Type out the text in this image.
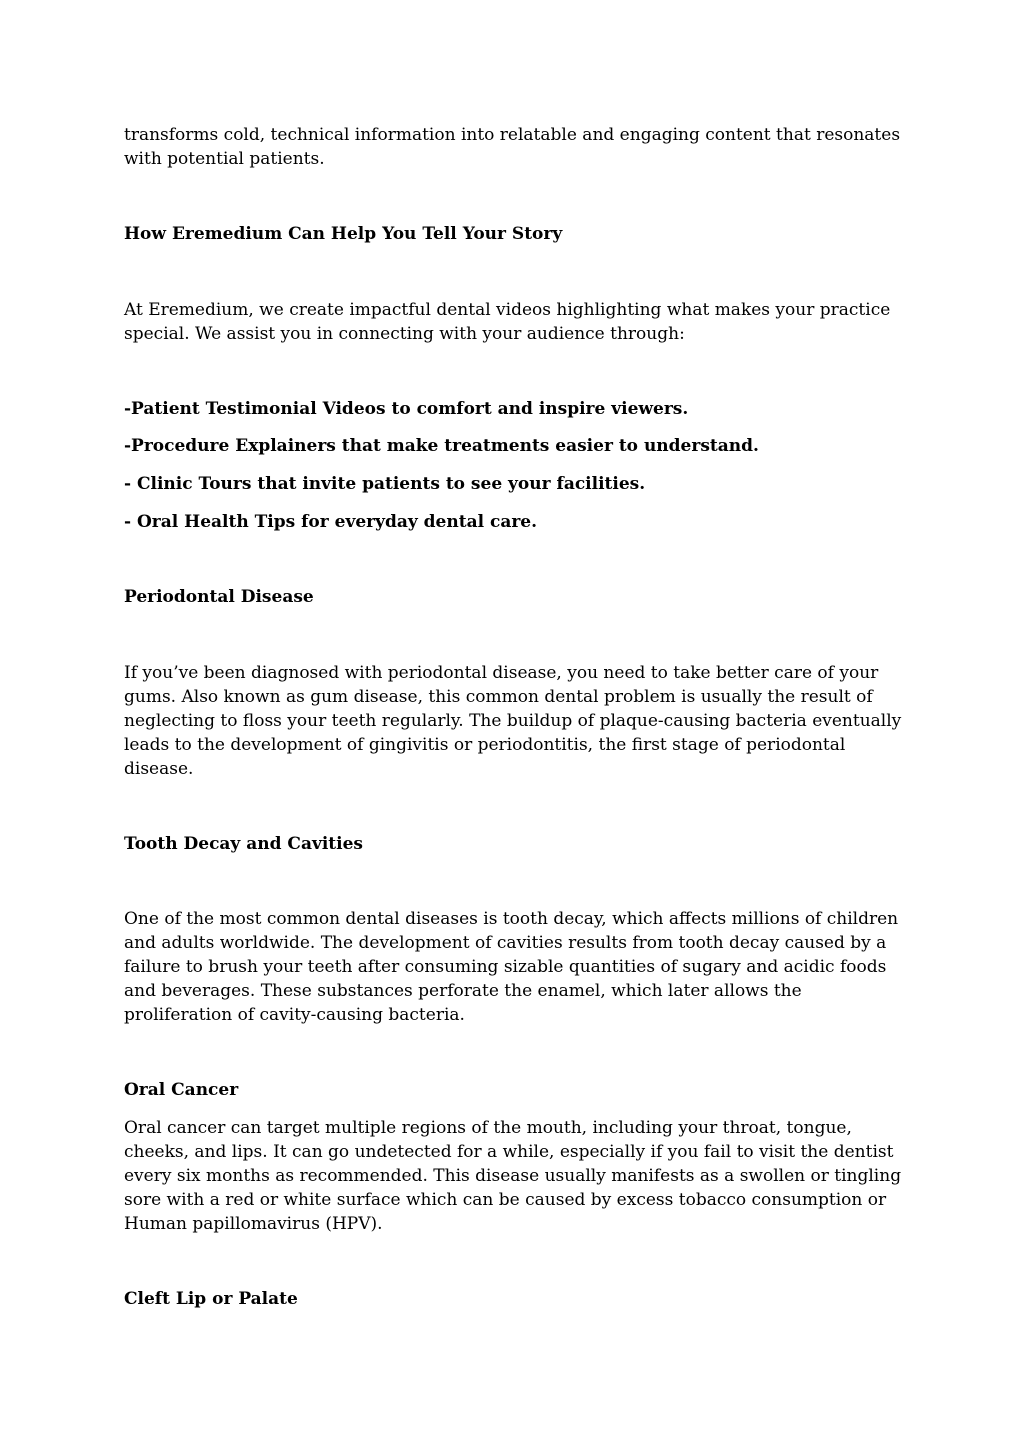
transforms cold, technical information into relatable and engaging content that resonates with potential patients.

How Eremedium Can Help You Tell Your Story

At Eremedium, we create impactful dental videos highlighting what makes your practice special. We assist you in connecting with your audience through:

-Patient Testimonial Videos to comfort and inspire viewers.

-Procedure Explainers that make treatments easier to understand.

- Clinic Tours that invite patients to see your facilities.

- Oral Health Tips for everyday dental care.

Periodontal Disease

If you’ve been diagnosed with periodontal disease, you need to take better care of your gums. Also known as gum disease, this common dental problem is usually the result of neglecting to floss your teeth regularly. The buildup of plaque-causing bacteria eventually leads to the development of gingivitis or periodontitis, the first stage of periodontal disease.

Tooth Decay and Cavities

One of the most common dental diseases is tooth decay, which affects millions of children and adults worldwide. The development of cavities results from tooth decay caused by a failure to brush your teeth after consuming sizable quantities of sugary and acidic foods and beverages. These substances perforate the enamel, which later allows the proliferation of cavity-causing bacteria.

Oral Cancer

Oral cancer can target multiple regions of the mouth, including your throat, tongue, cheeks, and lips. It can go undetected for a while, especially if you fail to visit the dentist every six months as recommended. This disease usually manifests as a swollen or tingling sore with a red or white surface which can be caused by excess tobacco consumption or Human papillomavirus (HPV).

Cleft Lip or Palate
